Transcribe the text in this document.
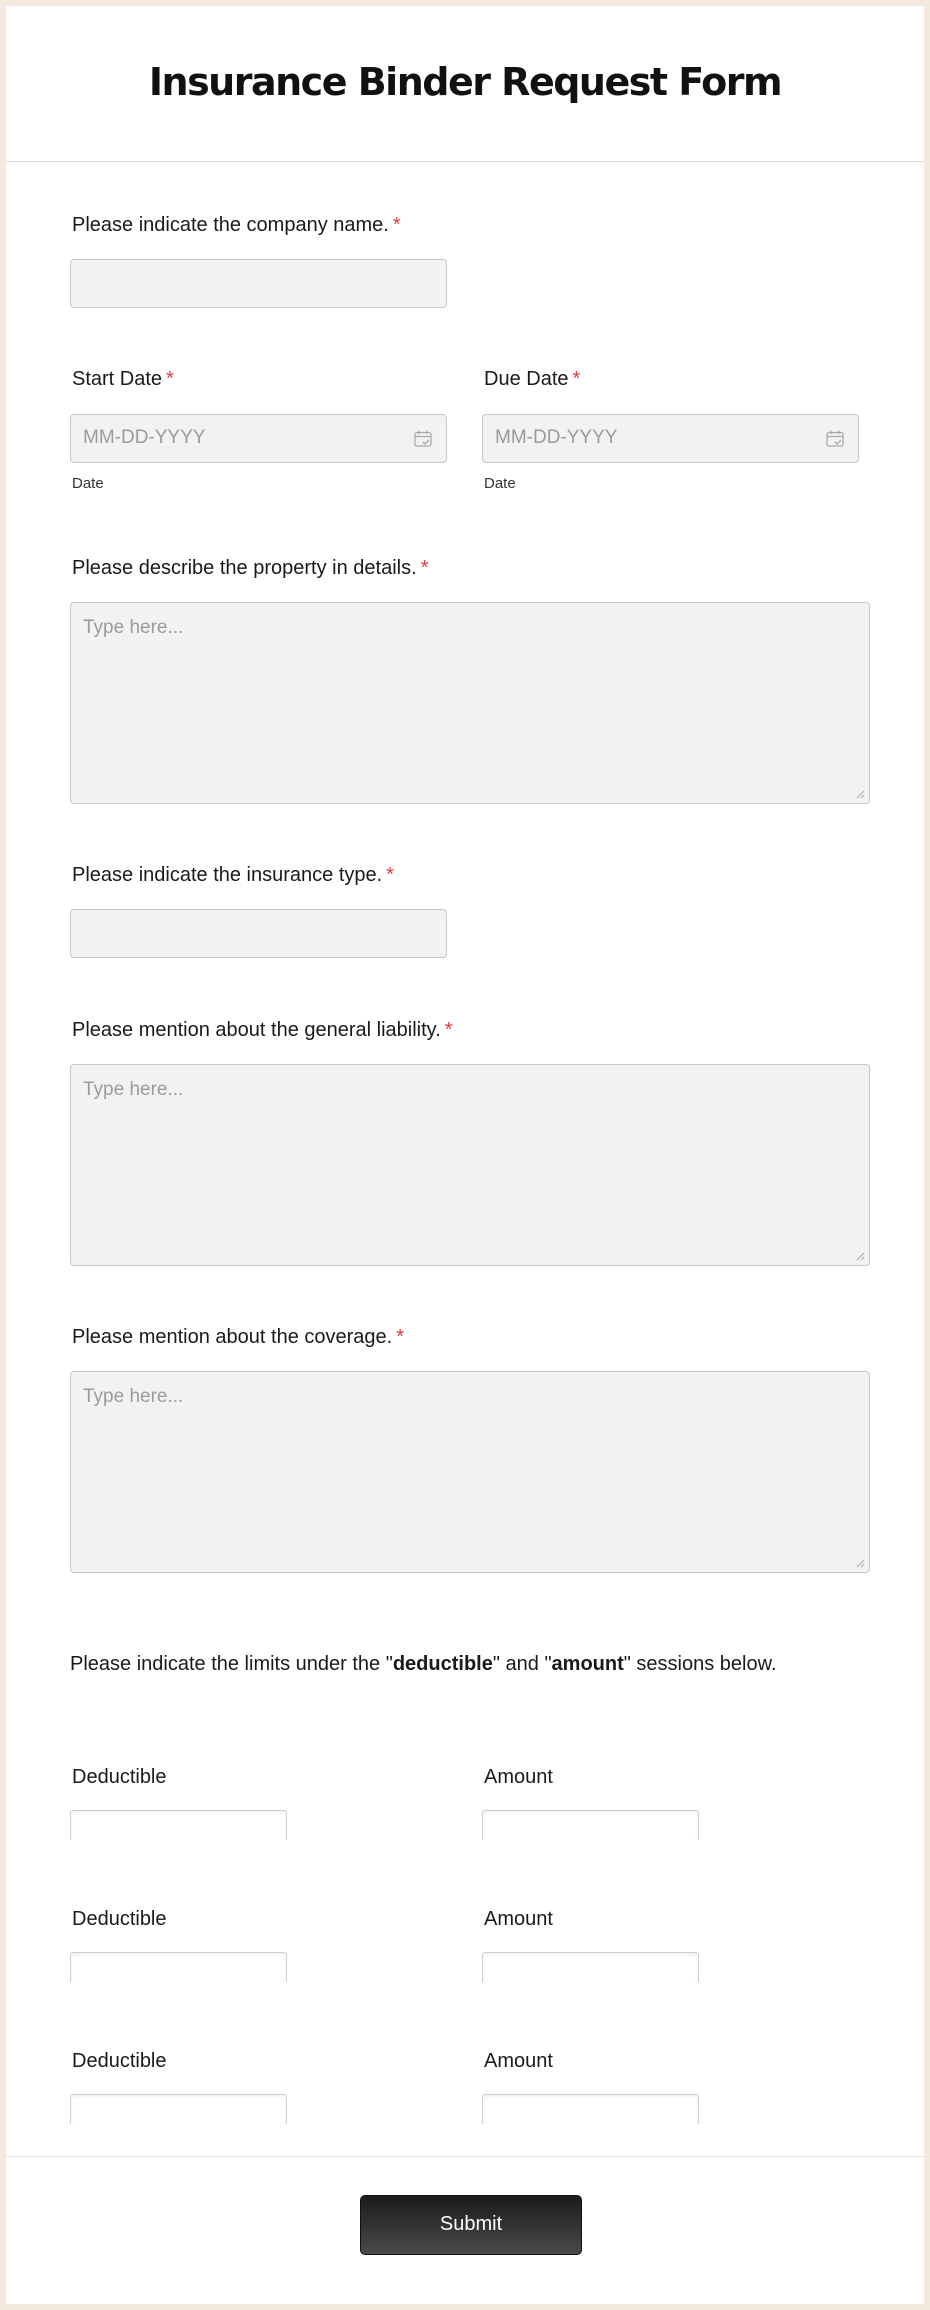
Insurance Binder Request Form
Please indicate the company name. *
Start Date *
MM-DD-YYYY
Date
Due Date *
MM-DD-YYYY
Date
Please describe the property in details. *
Type here...
Please indicate the insurance type. *
Please mention about the general liability. *
Type here...
Please mention about the coverage. *
Type here...
Please indicate the limits under the "deductible" and "amount" sessions below.
Deductible	Amount
Deductible	Amount
Deductible	Amount
Submit
